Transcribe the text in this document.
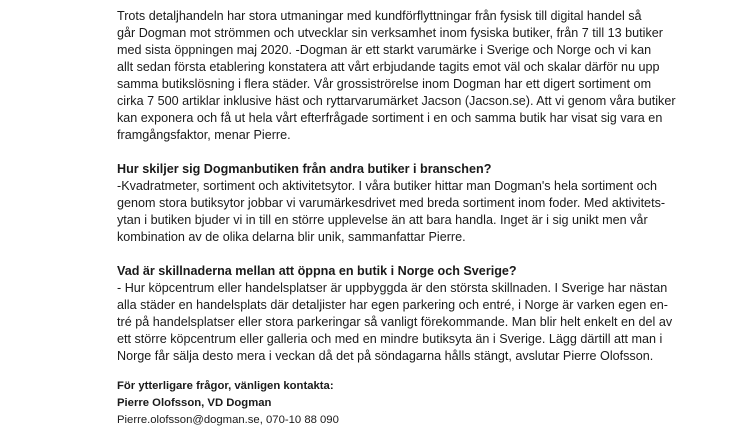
Trots detaljhandeln har stora utmaningar med kundförflyttningar från fysisk till digital handel så
går Dogman mot strömmen och utvecklar sin verksamhet inom fysiska butiker, från 7 till 13 butiker
med sista öppningen maj 2020. -Dogman är ett starkt varumärke i Sverige och Norge och vi kan
allt sedan första etablering konstatera att vårt erbjudande tagits emot väl och skalar därför nu upp
samma butikslösning i flera städer. Vår grossiströrelse inom Dogman har ett digert sortiment om
cirka 7 500 artiklar inklusive häst och ryttarvarumärket Jacson (Jacson.se). Att vi genom våra butiker
kan exponera och få ut hela vårt efterfrågade sortiment i en och samma butik har visat sig vara en
framgångsfaktor, menar Pierre.

Hur skiljer sig Dogmanbutiken från andra butiker i branschen?
-Kvadratmeter, sortiment och aktivitetsytor. I våra butiker hittar man Dogman's hela sortiment och
genom stora butiksytor jobbar vi varumärkesdrivet med breda sortiment inom foder. Med aktivitets-
ytan i butiken bjuder vi in till en större upplevelse än att bara handla. Inget är i sig unikt men vår
kombination av de olika delarna blir unik, sammanfattar Pierre.

Vad är skillnaderna mellan att öppna en butik i Norge och Sverige?
- Hur köpcentrum eller handelsplatser är uppbyggda är den största skillnaden. I Sverige har nästan
alla städer en handelsplats där detaljister har egen parkering och entré, i Norge är varken egen en-
tré på handelsplatser eller stora parkeringar så vanligt förekommande. Man blir helt enkelt en del av
ett större köpcentrum eller galleria och med en mindre butiksyta än i Sverige. Lägg därtill att man i
Norge får sälja desto mera i veckan då det på söndagarna hålls stängt, avslutar Pierre Olofsson.

För ytterligare frågor, vänligen kontakta:
Pierre Olofsson, VD Dogman
Pierre.olofsson@dogman.se, 070-10 88 090
